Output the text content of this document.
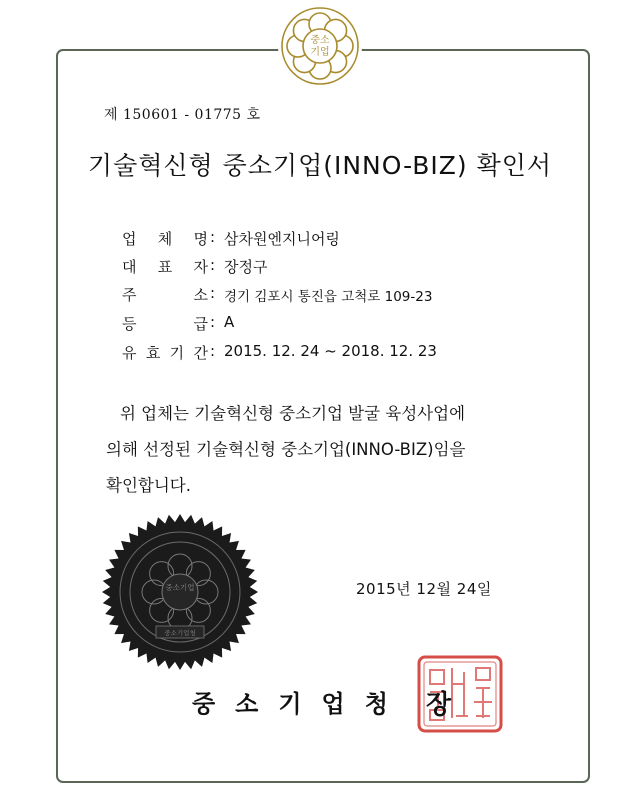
중소
기업
제 150601 - 01775 호
기술혁신형 중소기업(INNO-BIZ) 확인서
업 체 명 : 삼차원엔지니어링
대 표 자 : 장정구
주	소 : 경기 김포시 통진읍 고척로 109-23
등	급 : A
유 효 기 간 : 2015. 12. 24 ~ 2018. 12. 23

위 업체는 기술혁신형 중소기업 발굴 육성사업에

의해 선정된 기술혁신형 중소기업(INNO-BIZ)임을

확인합니다.

중소기업
중소기업청
2015년 12월 24일
중소기업청 장
